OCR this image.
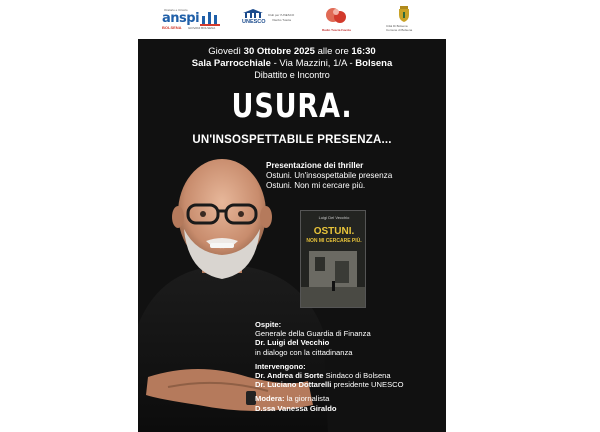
Oratorio e Circolo
anspi
BOLSENA GIOVANI BOLSENA
UNESCO
Club per l'UNESCO
Viterbo Tuscia
Radio Tuscia Favola
Città Di Bolsena
Comune di Bolsena
Giovedì 30 Ottobre 2025 alle ore 16:30
Sala Parrocchiale - Via Mazzini, 1/A - Bolsena
Dibattito e Incontro
USURA.
UN'INSOSPETTABILE PRESENZA...
Presentazione dei thriller
Ostuni. Un'insospettabile presenza
Ostuni. Non mi cercare più.
Luigi Del Vecchio
OSTUNI.
NON MI CERCARE PIÙ.
Ospite:
Generale della Guardia di Finanza
Dr. Luigi del Vecchio
in dialogo con la cittadinanza
Intervengono:
Dr. Andrea di Sorte Sindaco di Bolsena
Dr. Luciano Dottarelli presidente UNESCO
Modera: la giornalista
D.ssa Vanessa Giraldo
